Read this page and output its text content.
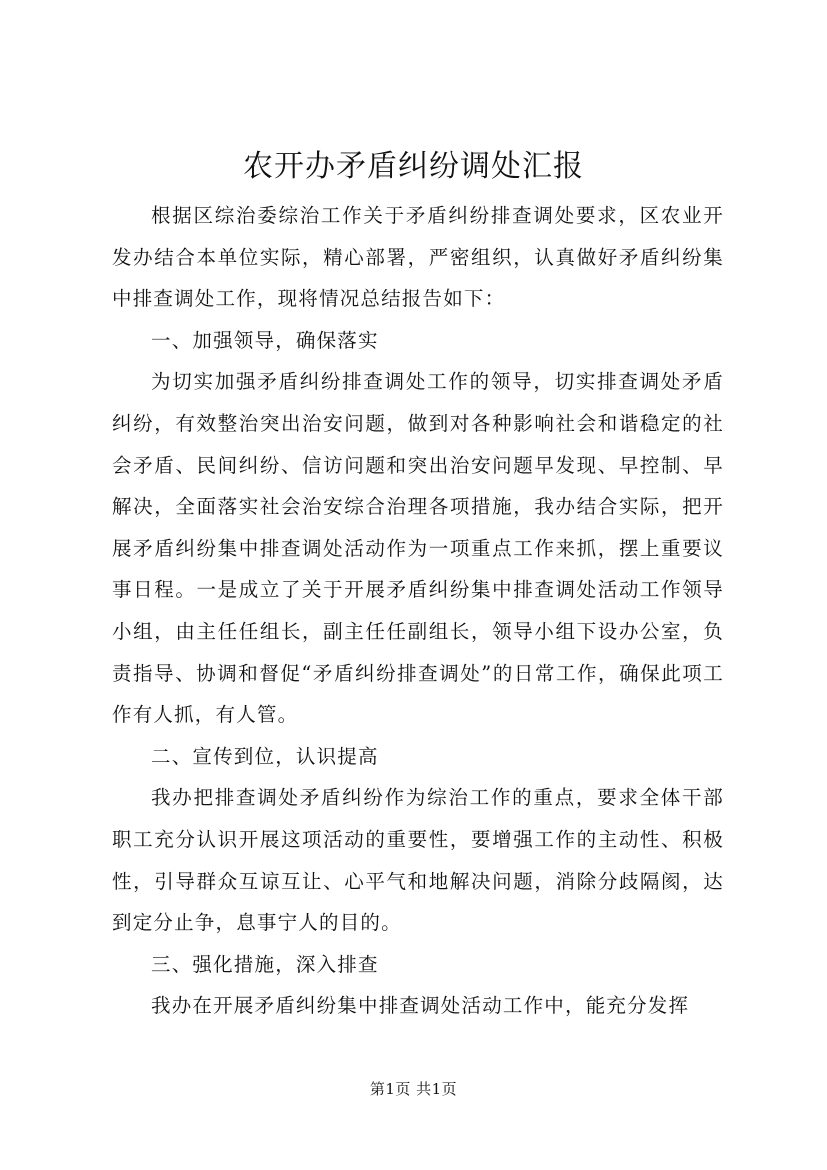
农开办矛盾纠纷调处汇报

根据区综治委综治工作关于矛盾纠纷排查调处要求，区农业开发办结合本单位实际，精心部署，严密组织，认真做好矛盾纠纷集中排查调处工作，现将情况总结报告如下：

一、加强领导，确保落实

为切实加强矛盾纠纷排查调处工作的领导，切实排查调处矛盾纠纷，有效整治突出治安问题，做到对各种影响社会和谐稳定的社会矛盾、民间纠纷、信访问题和突出治安问题早发现、早控制、早解决，全面落实社会治安综合治理各项措施，我办结合实际，把开展矛盾纠纷集中排查调处活动作为一项重点工作来抓，摆上重要议事日程。一是成立了关于开展矛盾纠纷集中排查调处活动工作领导小组，由主任任组长，副主任任副组长，领导小组下设办公室，负责指导、协调和督促“矛盾纠纷排查调处”的日常工作，确保此项工作有人抓，有人管。

二、宣传到位，认识提高

我办把排查调处矛盾纠纷作为综治工作的重点，要求全体干部职工充分认识开展这项活动的重要性，要增强工作的主动性、积极性，引导群众互谅互让、心平气和地解决问题，消除分歧隔阂，达到定分止争，息事宁人的目的。

三、强化措施，深入排查

我办在开展矛盾纠纷集中排查调处活动工作中，能充分发挥

第1页 共1页
